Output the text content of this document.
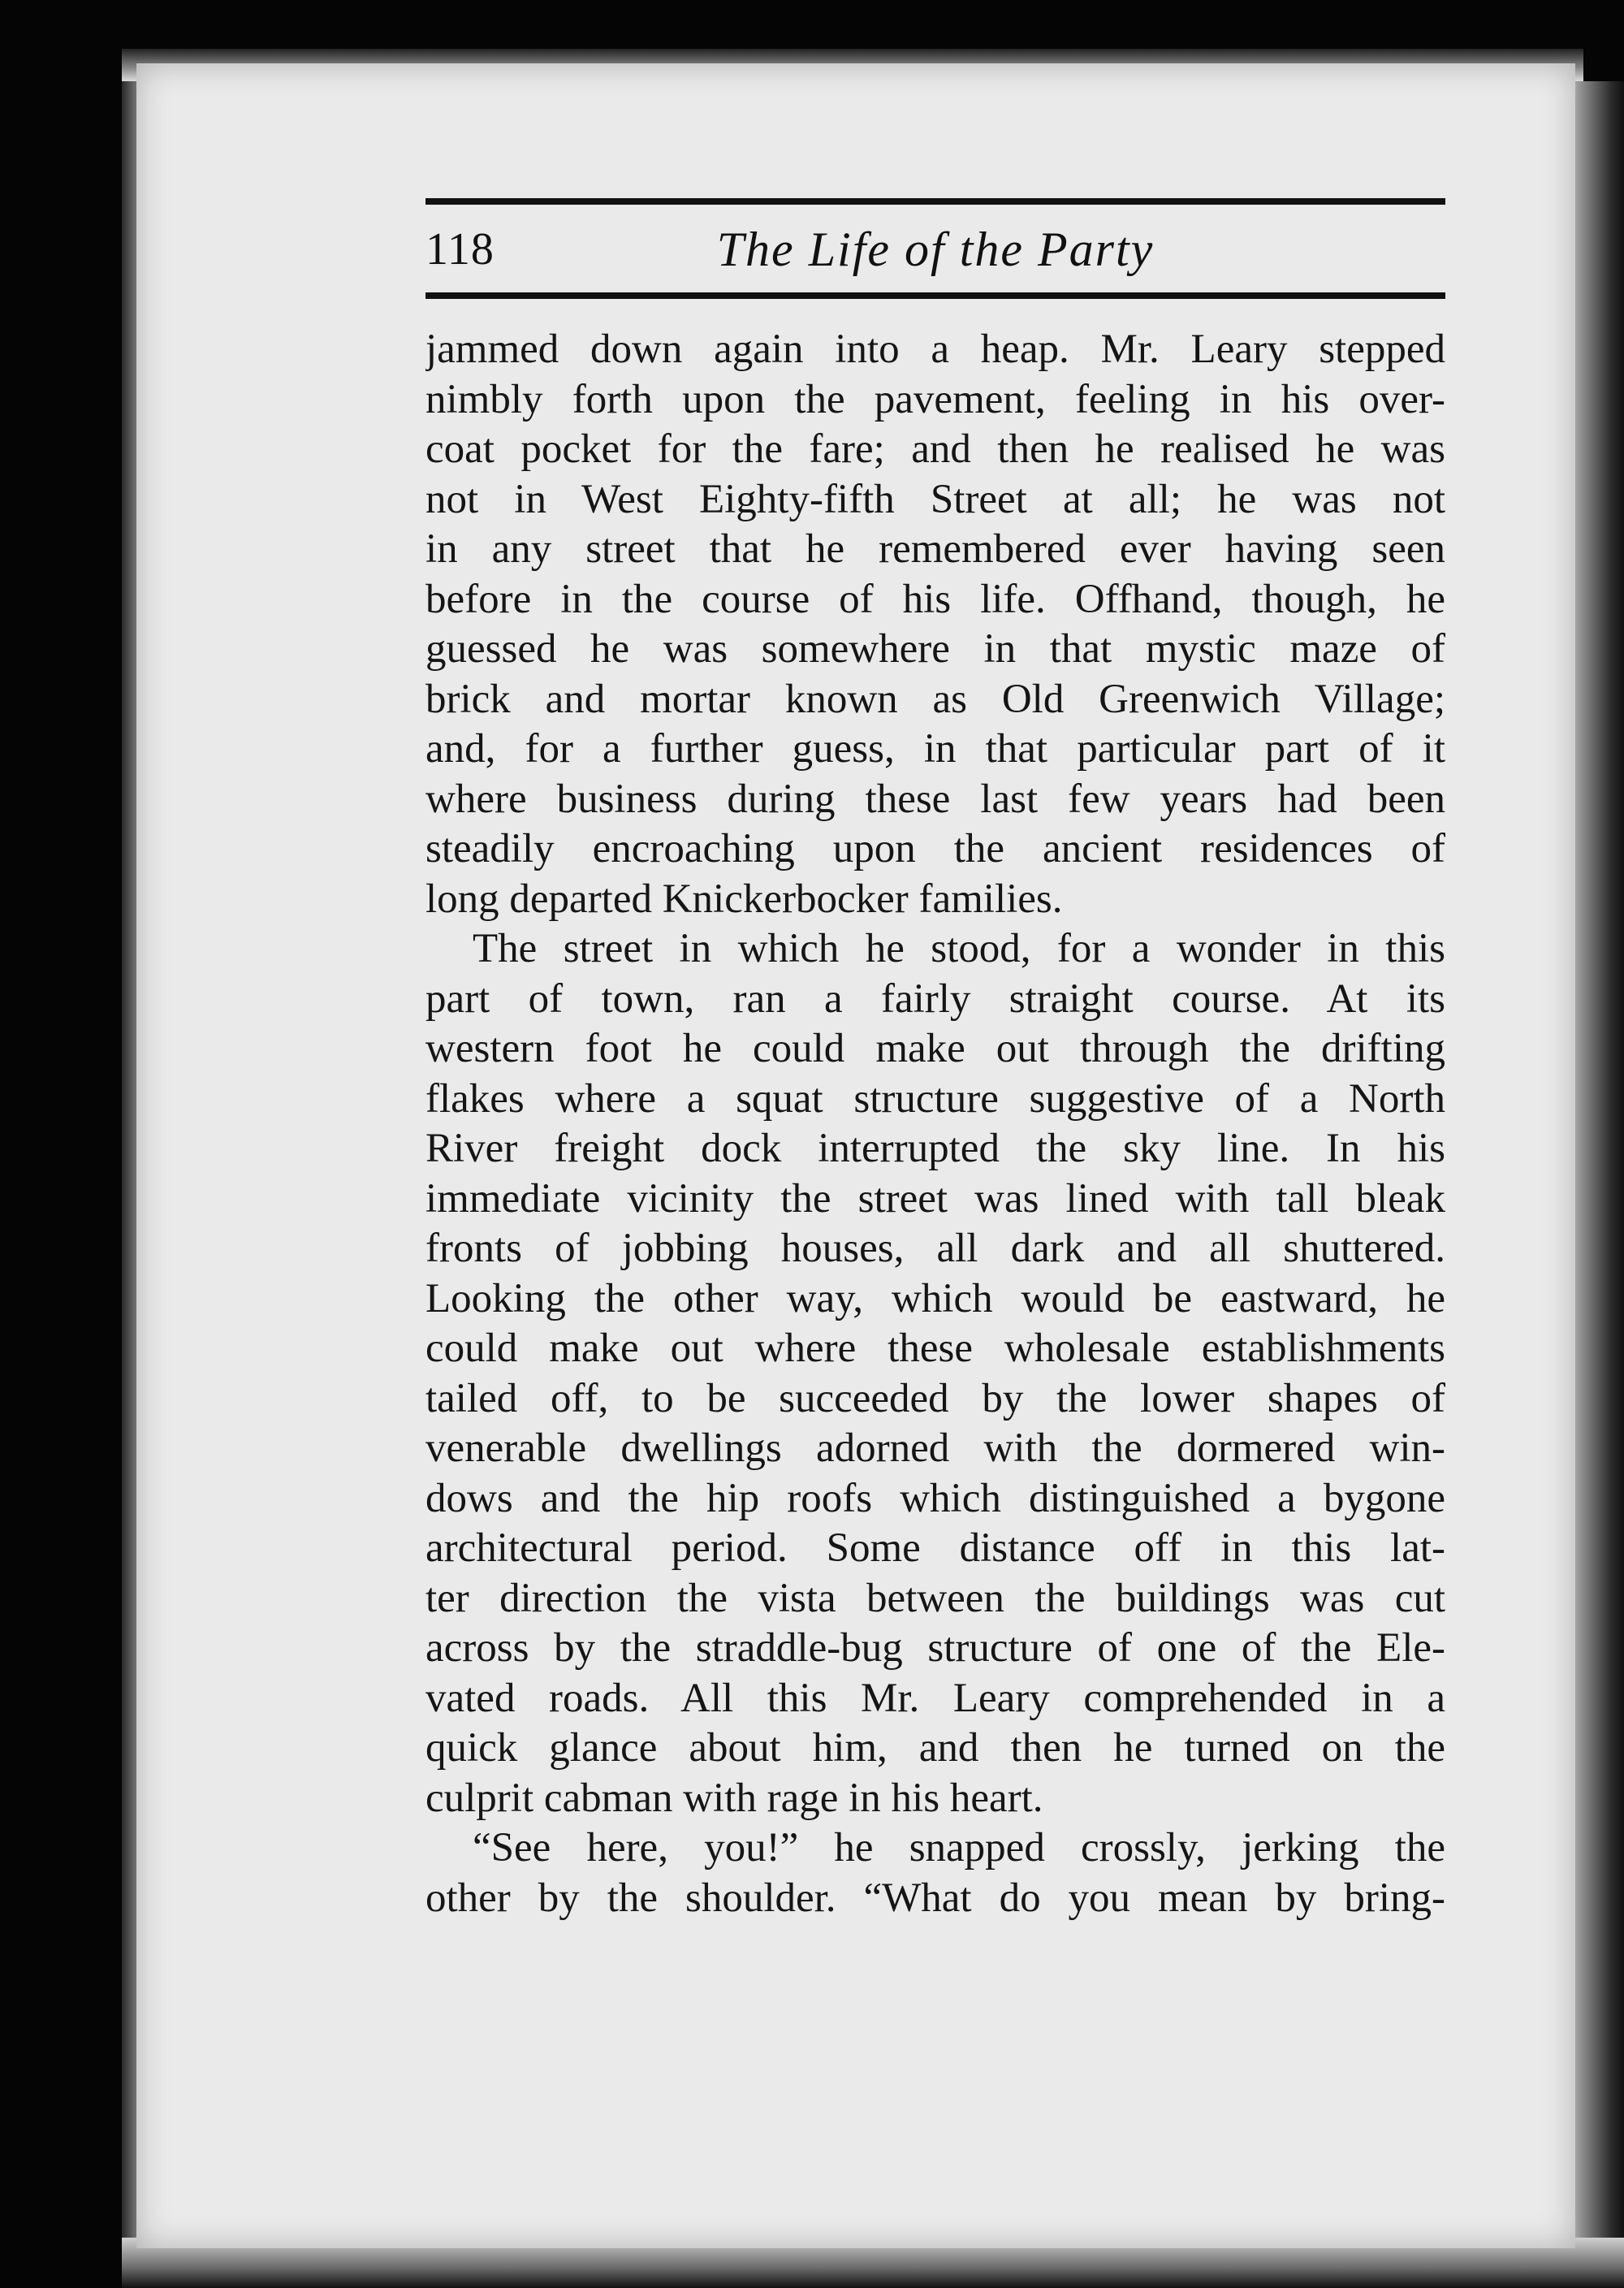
118	The Life of the Party
jammed down again into a heap. Mr. Leary stepped
nimbly forth upon the pavement, feeling in his over-
coat pocket for the fare; and then he realised he was
not in West Eighty-fifth Street at all; he was not
in any street that he remembered ever having seen
before in the course of his life. Offhand, though, he
guessed he was somewhere in that mystic maze of
brick and mortar known as Old Greenwich Village;
and, for a further guess, in that particular part of it
where business during these last few years had been
steadily encroaching upon the ancient residences of
long departed Knickerbocker families.
The street in which he stood, for a wonder in this
part of town, ran a fairly straight course. At its
western foot he could make out through the drifting
flakes where a squat structure suggestive of a North
River freight dock interrupted the sky line. In his
immediate vicinity the street was lined with tall bleak
fronts of jobbing houses, all dark and all shuttered.
Looking the other way, which would be eastward, he
could make out where these wholesale establishments
tailed off, to be succeeded by the lower shapes of
venerable dwellings adorned with the dormered win-
dows and the hip roofs which distinguished a bygone
architectural period. Some distance off in this lat-
ter direction the vista between the buildings was cut
across by the straddle-bug structure of one of the Ele-
vated roads. All this Mr. Leary comprehended in a
quick glance about him, and then he turned on the
culprit cabman with rage in his heart.
“See here, you!” he snapped crossly, jerking the
other by the shoulder. “What do you mean by bring-
